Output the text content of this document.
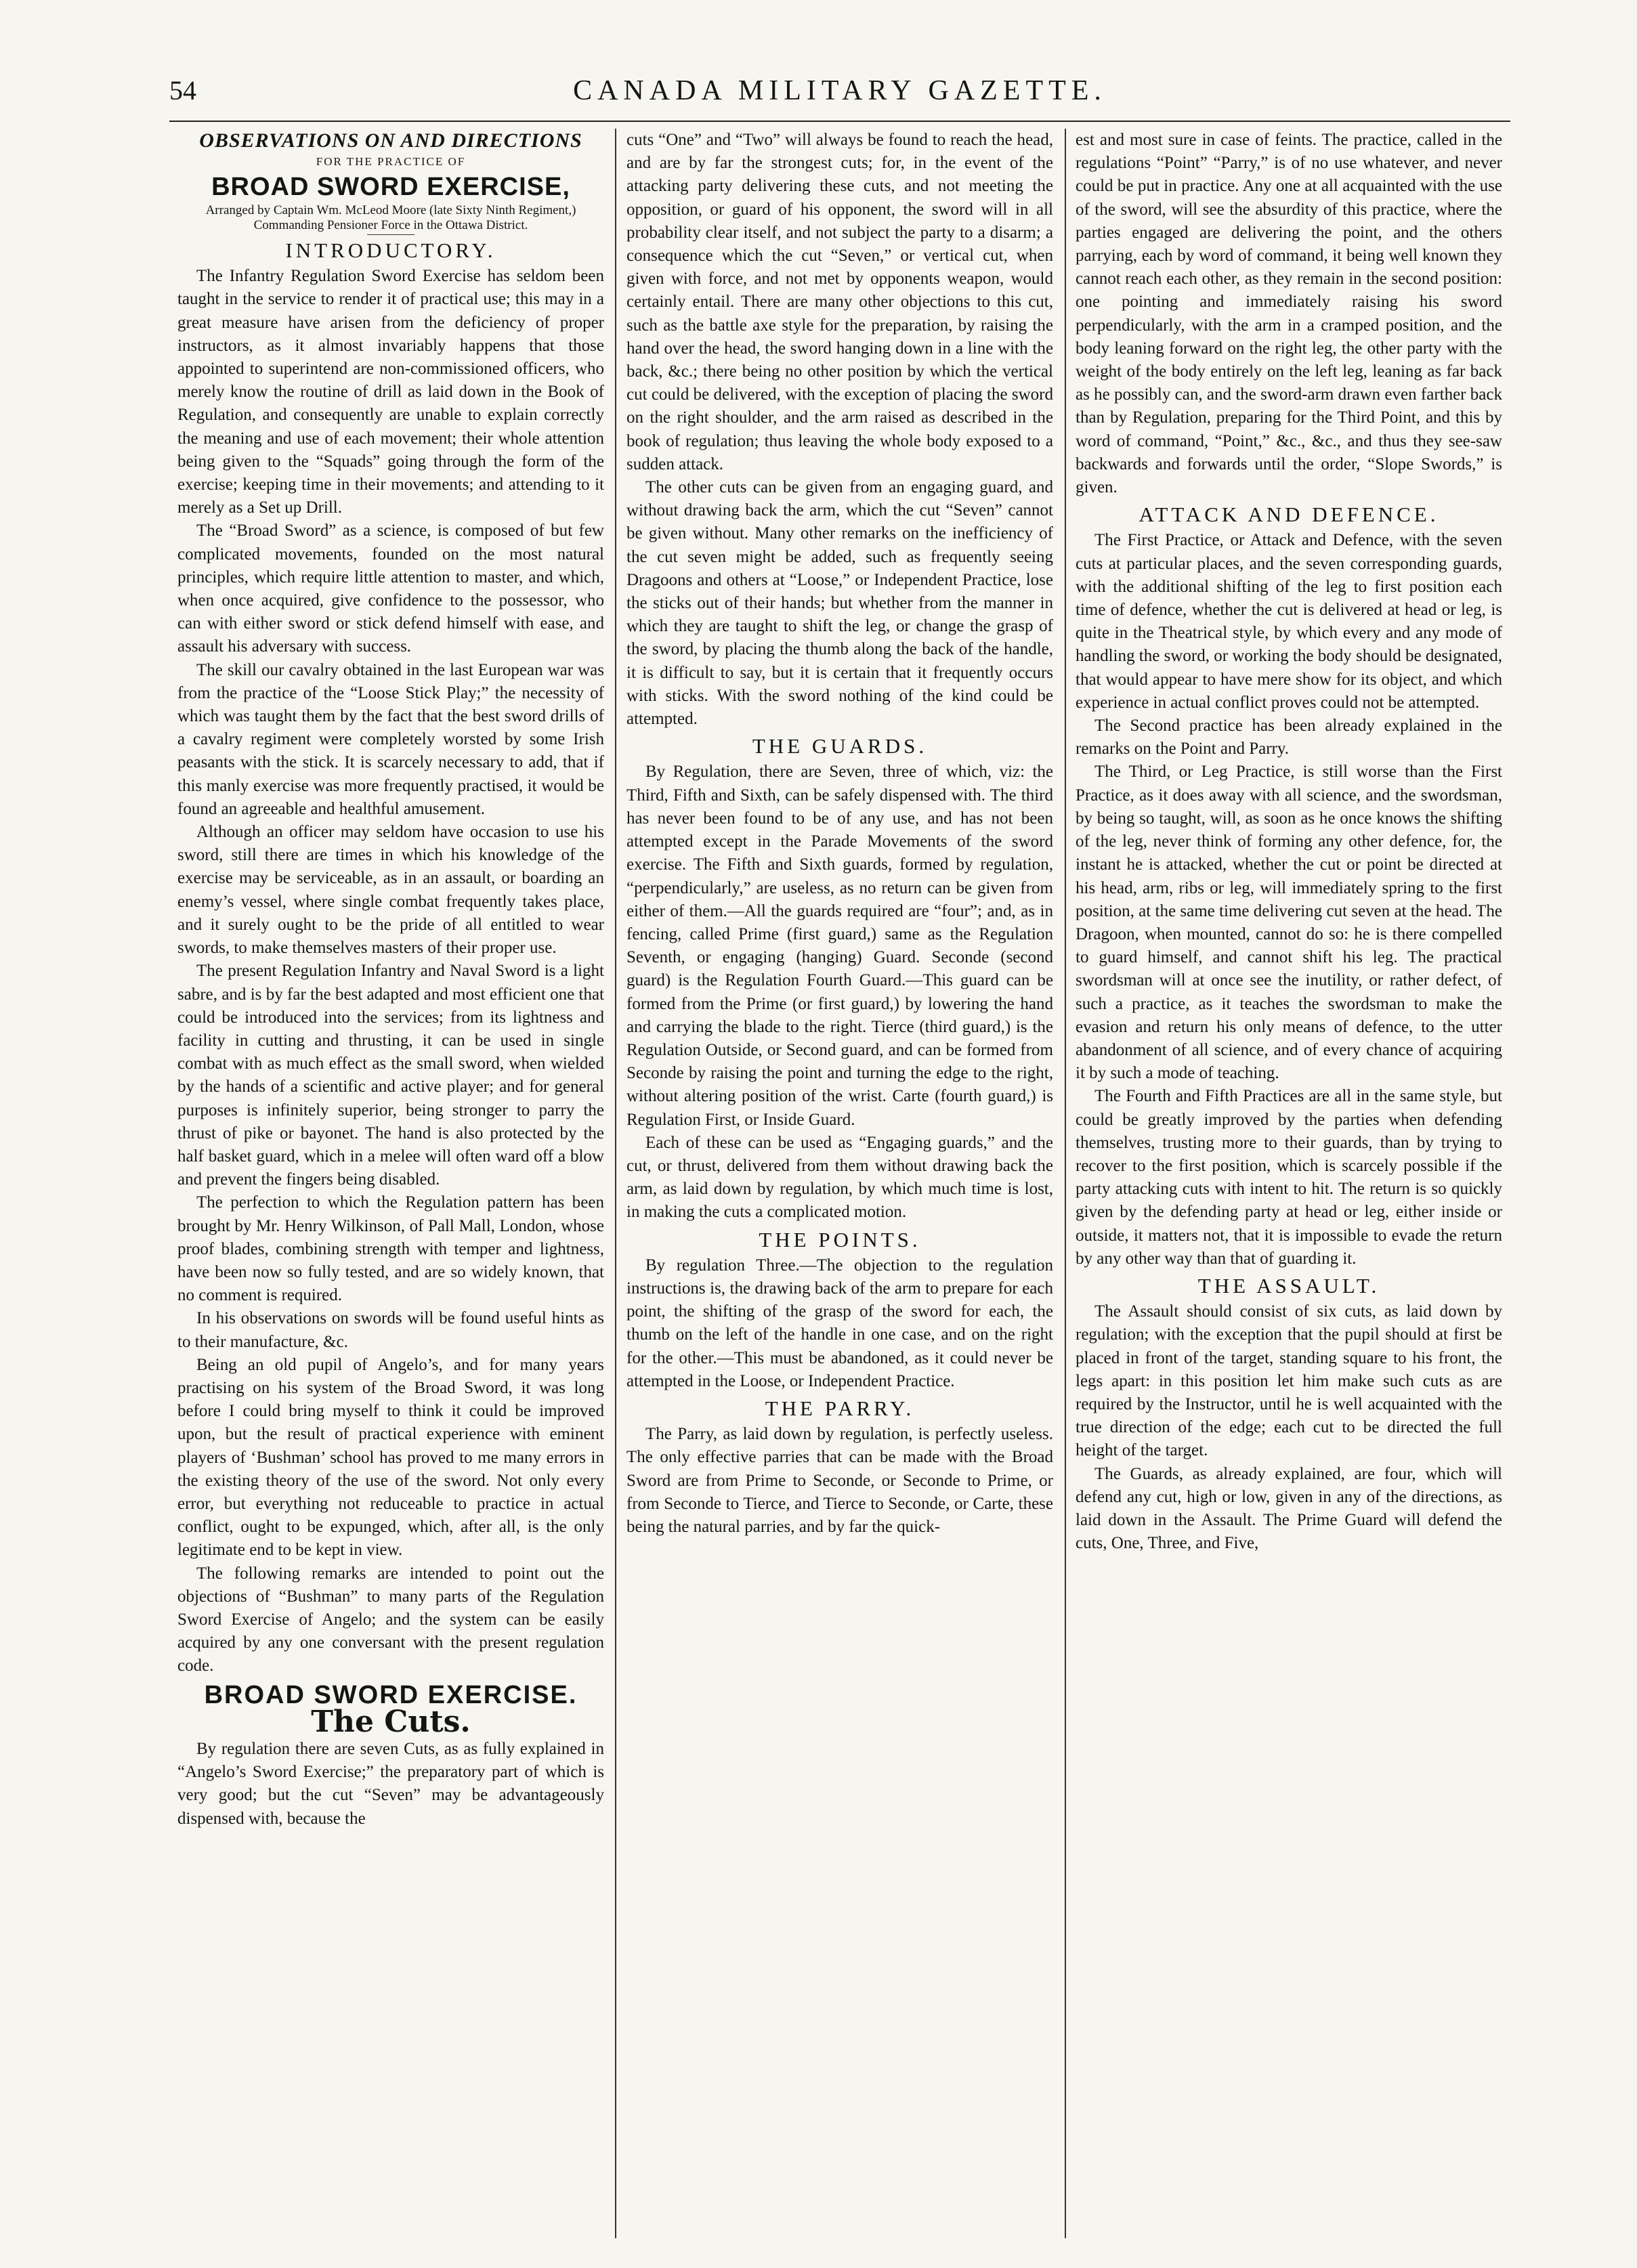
54	CANADA MILITARY GAZETTE.

OBSERVATIONS ON AND DIRECTIONS

FOR THE PRACTICE OF

BROAD SWORD EXERCISE,

Arranged by Captain Wm. McLeod Moore (late Sixty Ninth Regiment,) Commanding Pensioner Force in the Ottawa District.

INTRODUCTORY.

The Infantry Regulation Sword Exercise has seldom been taught in the service to render it of practical use; this may in a great measure have arisen from the deficiency of proper instructors, as it almost invariably happens that those appointed to superintend are non-commissioned officers, who merely know the routine of drill as laid down in the Book of Regulation, and consequently are unable to explain correctly the meaning and use of each movement; their whole attention being given to the “Squads” going through the form of the exercise; keeping time in their movements; and attending to it merely as a Set up Drill.

The “Broad Sword” as a science, is composed of but few complicated movements, founded on the most natural principles, which require little attention to master, and which, when once acquired, give confidence to the possessor, who can with either sword or stick defend himself with ease, and assault his adversary with success.

The skill our cavalry obtained in the last European war was from the practice of the “Loose Stick Play;” the necessity of which was taught them by the fact that the best sword drills of a cavalry regiment were completely worsted by some Irish peasants with the stick. It is scarcely necessary to add, that if this manly exercise was more frequently practised, it would be found an agreeable and healthful amusement.

Although an officer may seldom have occasion to use his sword, still there are times in which his knowledge of the exercise may be serviceable, as in an assault, or boarding an enemy’s vessel, where single combat frequently takes place, and it surely ought to be the pride of all entitled to wear swords, to make themselves masters of their proper use.

The present Regulation Infantry and Naval Sword is a light sabre, and is by far the best adapted and most efficient one that could be introduced into the services; from its lightness and facility in cutting and thrusting, it can be used in single combat with as much effect as the small sword, when wielded by the hands of a scientific and active player; and for general purposes is infinitely superior, being stronger to parry the thrust of pike or bayonet. The hand is also protected by the half basket guard, which in a melee will often ward off a blow and prevent the fingers being disabled.

The perfection to which the Regulation pattern has been brought by Mr. Henry Wilkinson, of Pall Mall, London, whose proof blades, combining strength with temper and lightness, have been now so fully tested, and are so widely known, that no comment is required.

In his observations on swords will be found useful hints as to their manufacture, &c.

Being an old pupil of Angelo’s, and for many years practising on his system of the Broad Sword, it was long before I could bring myself to think it could be improved upon, but the result of practical experience with eminent players of ‘Bushman’ school has proved to me many errors in the existing theory of the use of the sword. Not only every error, but everything not reduceable to practice in actual conflict, ought to be expunged, which, after all, is the only legitimate end to be kept in view.

The following remarks are intended to point out the objections of “Bushman” to many parts of the Regulation Sword Exercise of Angelo; and the system can be easily acquired by any one conversant with the present regulation code.

BROAD SWORD EXERCISE.

The Cuts.

By regulation there are seven Cuts, as as fully explained in “Angelo’s Sword Exercise;” the preparatory part of which is very good; but the cut “Seven” may be advantageously dispensed with, because the

cuts “One” and “Two” will always be found to reach the head, and are by far the strongest cuts; for, in the event of the attacking party delivering these cuts, and not meeting the opposition, or guard of his opponent, the sword will in all probability clear itself, and not subject the party to a disarm; a consequence which the cut “Seven,” or vertical cut, when given with force, and not met by opponents weapon, would certainly entail. There are many other objections to this cut, such as the battle axe style for the preparation, by raising the hand over the head, the sword hanging down in a line with the back, &c.; there being no other position by which the vertical cut could be delivered, with the exception of placing the sword on the right shoulder, and the arm raised as described in the book of regulation; thus leaving the whole body exposed to a sudden attack.

The other cuts can be given from an engaging guard, and without drawing back the arm, which the cut “Seven” cannot be given without. Many other remarks on the inefficiency of the cut seven might be added, such as frequently seeing Dragoons and others at “Loose,” or Independent Practice, lose the sticks out of their hands; but whether from the manner in which they are taught to shift the leg, or change the grasp of the sword, by placing the thumb along the back of the handle, it is difficult to say, but it is certain that it frequently occurs with sticks. With the sword nothing of the kind could be attempted.

THE GUARDS.

By Regulation, there are Seven, three of which, viz: the Third, Fifth and Sixth, can be safely dispensed with. The third has never been found to be of any use, and has not been attempted except in the Parade Movements of the sword exercise. The Fifth and Sixth guards, formed by regulation, “perpendicularly,” are useless, as no return can be given from either of them.—All the guards required are “four”; and, as in fencing, called Prime (first guard,) same as the Regulation Seventh, or engaging (hanging) Guard. Seconde (second guard) is the Regulation Fourth Guard.—This guard can be formed from the Prime (or first guard,) by lowering the hand and carrying the blade to the right. Tierce (third guard,) is the Regulation Outside, or Second guard, and can be formed from Seconde by raising the point and turning the edge to the right, without altering position of the wrist. Carte (fourth guard,) is Regulation First, or Inside Guard.

Each of these can be used as “Engaging guards,” and the cut, or thrust, delivered from them without drawing back the arm, as laid down by regulation, by which much time is lost, in making the cuts a complicated motion.

THE POINTS.

By regulation Three.—The objection to the regulation instructions is, the drawing back of the arm to prepare for each point, the shifting of the grasp of the sword for each, the thumb on the left of the handle in one case, and on the right for the other.—This must be abandoned, as it could never be attempted in the Loose, or Independent Practice.

THE PARRY.

The Parry, as laid down by regulation, is perfectly useless. The only effective parries that can be made with the Broad Sword are from Prime to Seconde, or Seconde to Prime, or from Seconde to Tierce, and Tierce to Seconde, or Carte, these being the natural parries, and by far the quick-

est and most sure in case of feints. The practice, called in the regulations “Point” “Parry,” is of no use whatever, and never could be put in practice. Any one at all acquainted with the use of the sword, will see the absurdity of this practice, where the parties engaged are delivering the point, and the others parrying, each by word of command, it being well known they cannot reach each other, as they remain in the second position: one pointing and immediately raising his sword perpendicularly, with the arm in a cramped position, and the body leaning forward on the right leg, the other party with the weight of the body entirely on the left leg, leaning as far back as he possibly can, and the sword-arm drawn even farther back than by Regulation, preparing for the Third Point, and this by word of command, “Point,” &c., &c., and thus they see-saw backwards and forwards until the order, “Slope Swords,” is given.

ATTACK AND DEFENCE.

The First Practice, or Attack and Defence, with the seven cuts at particular places, and the seven corresponding guards, with the additional shifting of the leg to first position each time of defence, whether the cut is delivered at head or leg, is quite in the Theatrical style, by which every and any mode of handling the sword, or working the body should be designated, that would appear to have mere show for its object, and which experience in actual conflict proves could not be attempted.

The Second practice has been already explained in the remarks on the Point and Parry.

The Third, or Leg Practice, is still worse than the First Practice, as it does away with all science, and the swordsman, by being so taught, will, as soon as he once knows the shifting of the leg, never think of forming any other defence, for, the instant he is attacked, whether the cut or point be directed at his head, arm, ribs or leg, will immediately spring to the first position, at the same time delivering cut seven at the head. The Dragoon, when mounted, cannot do so: he is there compelled to guard himself, and cannot shift his leg. The practical swordsman will at once see the inutility, or rather defect, of such a practice, as it teaches the swordsman to make the evasion and return his only means of defence, to the utter abandonment of all science, and of every chance of acquiring it by such a mode of teaching.

The Fourth and Fifth Practices are all in the same style, but could be greatly improved by the parties when defending themselves, trusting more to their guards, than by trying to recover to the first position, which is scarcely possible if the party attacking cuts with intent to hit. The return is so quickly given by the defending party at head or leg, either inside or outside, it matters not, that it is impossible to evade the return by any other way than that of guarding it.

THE ASSAULT.

The Assault should consist of six cuts, as laid down by regulation; with the exception that the pupil should at first be placed in front of the target, standing square to his front, the legs apart: in this position let him make such cuts as are required by the Instructor, until he is well acquainted with the true direction of the edge; each cut to be directed the full height of the target.

The Guards, as already explained, are four, which will defend any cut, high or low, given in any of the directions, as laid down in the Assault. The Prime Guard will defend the cuts, One, Three, and Five,
